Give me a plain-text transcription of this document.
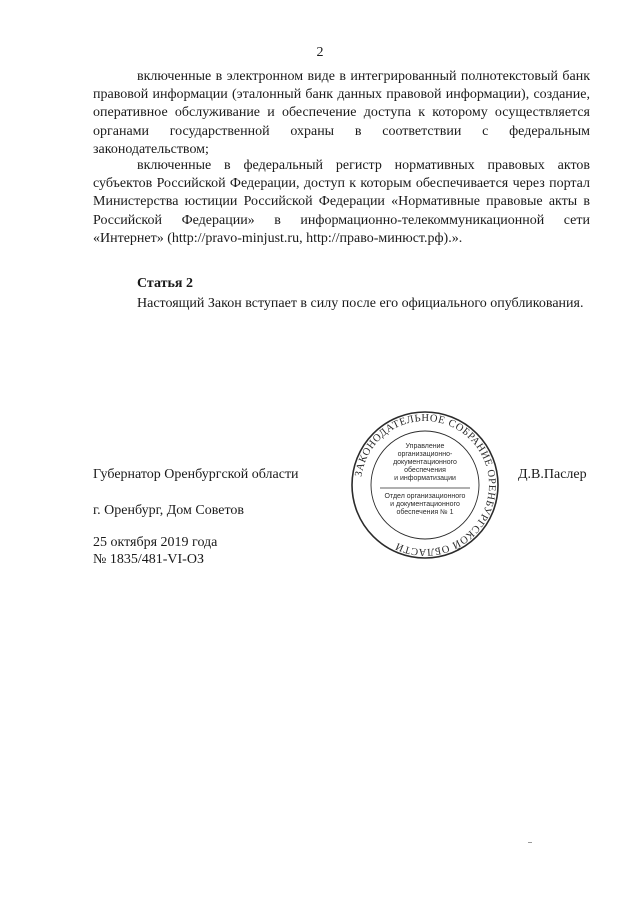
2

включенные в электронном виде в интегрированный полнотекстовый банк правовой информации (эталонный банк данных правовой информации), создание, оперативное обслуживание и обеспечение доступа к которому осуществляется органами государственной охраны в соответствии с федеральным законодательством;

включенные в федеральный регистр нормативных правовых актов субъектов Российской Федерации, доступ к которым обеспечивается через портал Министерства юстиции Российской Федерации «Нормативные правовые акты в Российской Федерации» в информационно-телекоммуникационной сети «Интернет» (http://pravo-minjust.ru, http://право-минюст.рф).».

Статья 2

Настоящий Закон вступает в силу после его официального опубликования.

Губернатор Оренбургской области	Д.В.Паслер
г. Оренбург, Дом Советов
25 октября 2019 года
№ 1835/481-VI-ОЗ
ЗАКОНОДАТЕЛЬНОЕ СОБРАНИЕ ОРЕНБУРГСКОЙ ОБЛАСТИ
Управление
организационно-
документационного
обеспечения
и информатизации
Отдел организационного
и документационного
обеспечения № 1
